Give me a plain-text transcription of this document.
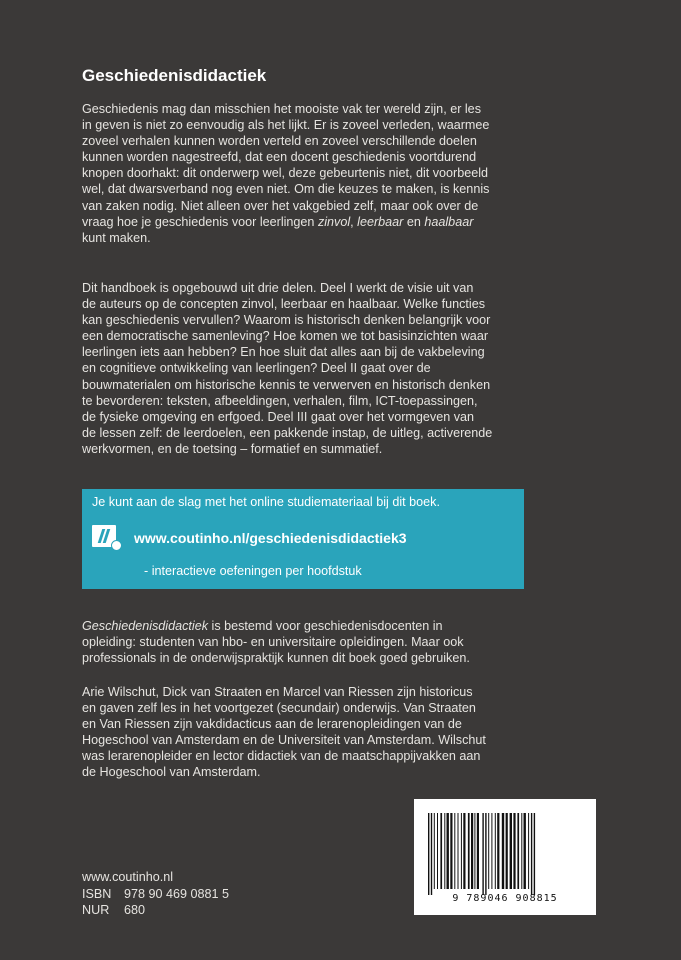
Geschiedenisdidactiek

Geschiedenis mag dan misschien het mooiste vak ter wereld zijn, er les
in geven is niet zo eenvoudig als het lijkt. Er is zoveel verleden, waarmee
zoveel verhalen kunnen worden verteld en zoveel verschillende doelen
kunnen worden nagestreefd, dat een docent geschiedenis voortdurend
knopen doorhakt: dit onderwerp wel, deze gebeurtenis niet, dit voorbeeld
wel, dat dwarsverband nog even niet. Om die keuzes te maken, is kennis
van zaken nodig. Niet alleen over het vakgebied zelf, maar ook over de
vraag hoe je geschiedenis voor leerlingen zinvol, leerbaar en haalbaar
kunt maken.

Dit handboek is opgebouwd uit drie delen. Deel I werkt de visie uit van
de auteurs op de concepten zinvol, leerbaar en haalbaar. Welke functies
kan geschiedenis vervullen? Waarom is historisch denken belangrijk voor
een democratische samenleving? Hoe komen we tot basisinzichten waar
leerlingen iets aan hebben? En hoe sluit dat alles aan bij de vakbeleving
en cognitieve ontwikkeling van leerlingen? Deel II gaat over de
bouwmaterialen om historische kennis te verwerven en historisch denken
te bevorderen: teksten, afbeeldingen, verhalen, film, ICT-toepassingen,
de fysieke omgeving en erfgoed. Deel III gaat over het vormgeven van
de lessen zelf: de leerdoelen, een pakkende instap, de uitleg, activerende
werkvormen, en de toetsing – formatief en summatief.

Je kunt aan de slag met het online studiemateriaal bij dit boek.
www.coutinho.nl/geschiedenisdidactiek3
- interactieve oefeningen per hoofdstuk

Geschiedenisdidactiek is bestemd voor geschiedenisdocenten in
opleiding: studenten van hbo- en universitaire opleidingen. Maar ook
professionals in de onderwijspraktijk kunnen dit boek goed gebruiken.

Arie Wilschut, Dick van Straaten en Marcel van Riessen zijn historicus
en gaven zelf les in het voortgezet (secundair) onderwijs. Van Straaten
en Van Riessen zijn vakdidacticus aan de lerarenopleidingen van de
Hogeschool van Amsterdam en de Universiteit van Amsterdam. Wilschut
was lerarenopleider en lector didactiek van de maatschappijvakken aan
de Hogeschool van Amsterdam.

www.coutinho.nl
ISBN 978 90 469 0881 5
NUR 680
9 789046 908815
